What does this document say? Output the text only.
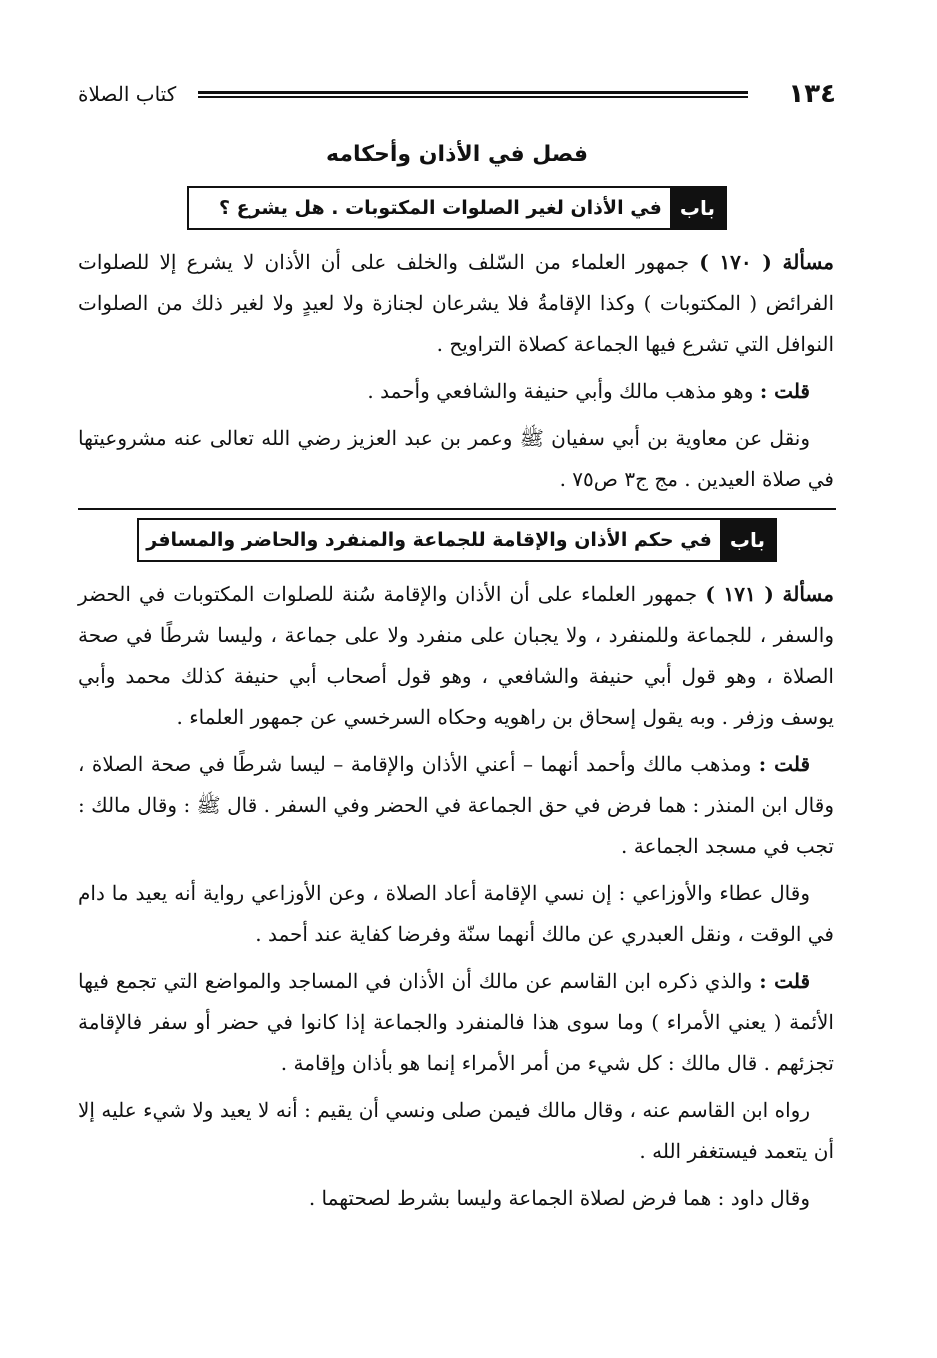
١٣٤
كتاب الصلاة
فصل في الأذان وأحكامه
باب
في الأذان لغير الصلوات المكتوبات . هل يشرع ؟

مسألة ( ١٧٠ ) جمهور العلماء من السّلف والخلف على أن الأذان لا يشرع إلا للصلوات الفرائض ( المكتوبات ) وكذا الإقامةُ فلا يشرعان لجنازة ولا لعيدٍ ولا لغير ذلك من الصلوات النوافل التي تشرع فيها الجماعة كصلاة التراويح .

قلت : وهو مذهب مالك وأبي حنيفة والشافعي وأحمد .

ونقل عن معاوية بن أبي سفيان ﷺ وعمر بن عبد العزيز رضي الله تعالى عنه مشروعيتها في صلاة العيدين . مج ج٣ ص٧٥ .

باب
في حكم الأذان والإقامة للجماعة والمنفرد والحاضر والمسافر

مسألة ( ١٧١ ) جمهور العلماء على أن الأذان والإقامة سُنة للصلوات المكتوبات في الحضر والسفر ، للجماعة وللمنفرد ، ولا يجبان على منفرد ولا على جماعة ، وليسا شرطًا في صحة الصلاة ، وهو قول أبي حنيفة والشافعي ، وهو قول أصحاب أبي حنيفة كذلك محمد وأبي يوسف وزفر . وبه يقول إسحاق بن راهويه وحكاه السرخسي عن جمهور العلماء .

قلت : ومذهب مالك وأحمد أنهما – أعني الأذان والإقامة – ليسا شرطًا في صحة الصلاة ، وقال ابن المنذر : هما فرض في حق الجماعة في الحضر وفي السفر . قال ﷺ : وقال مالك : تجب في مسجد الجماعة .

وقال عطاء والأوزاعي : إن نسي الإقامة أعاد الصلاة ، وعن الأوزاعي رواية أنه يعيد ما دام في الوقت ، ونقل العبدري عن مالك أنهما سنّة وفرضا كفاية عند أحمد .

قلت : والذي ذكره ابن القاسم عن مالك أن الأذان في المساجد والمواضع التي تجمع فيها الأئمة ( يعني الأمراء ) وما سوى هذا فالمنفرد والجماعة إذا كانوا في حضر أو سفر فالإقامة تجزئهم . قال مالك : كل شيء من أمر الأمراء إنما هو بأذان وإقامة .

رواه ابن القاسم عنه ، وقال مالك فيمن صلى ونسي أن يقيم : أنه لا يعيد ولا شيء عليه إلا أن يتعمد فيستغفر الله .

وقال داود : هما فرض لصلاة الجماعة وليسا بشرط لصحتهما .
